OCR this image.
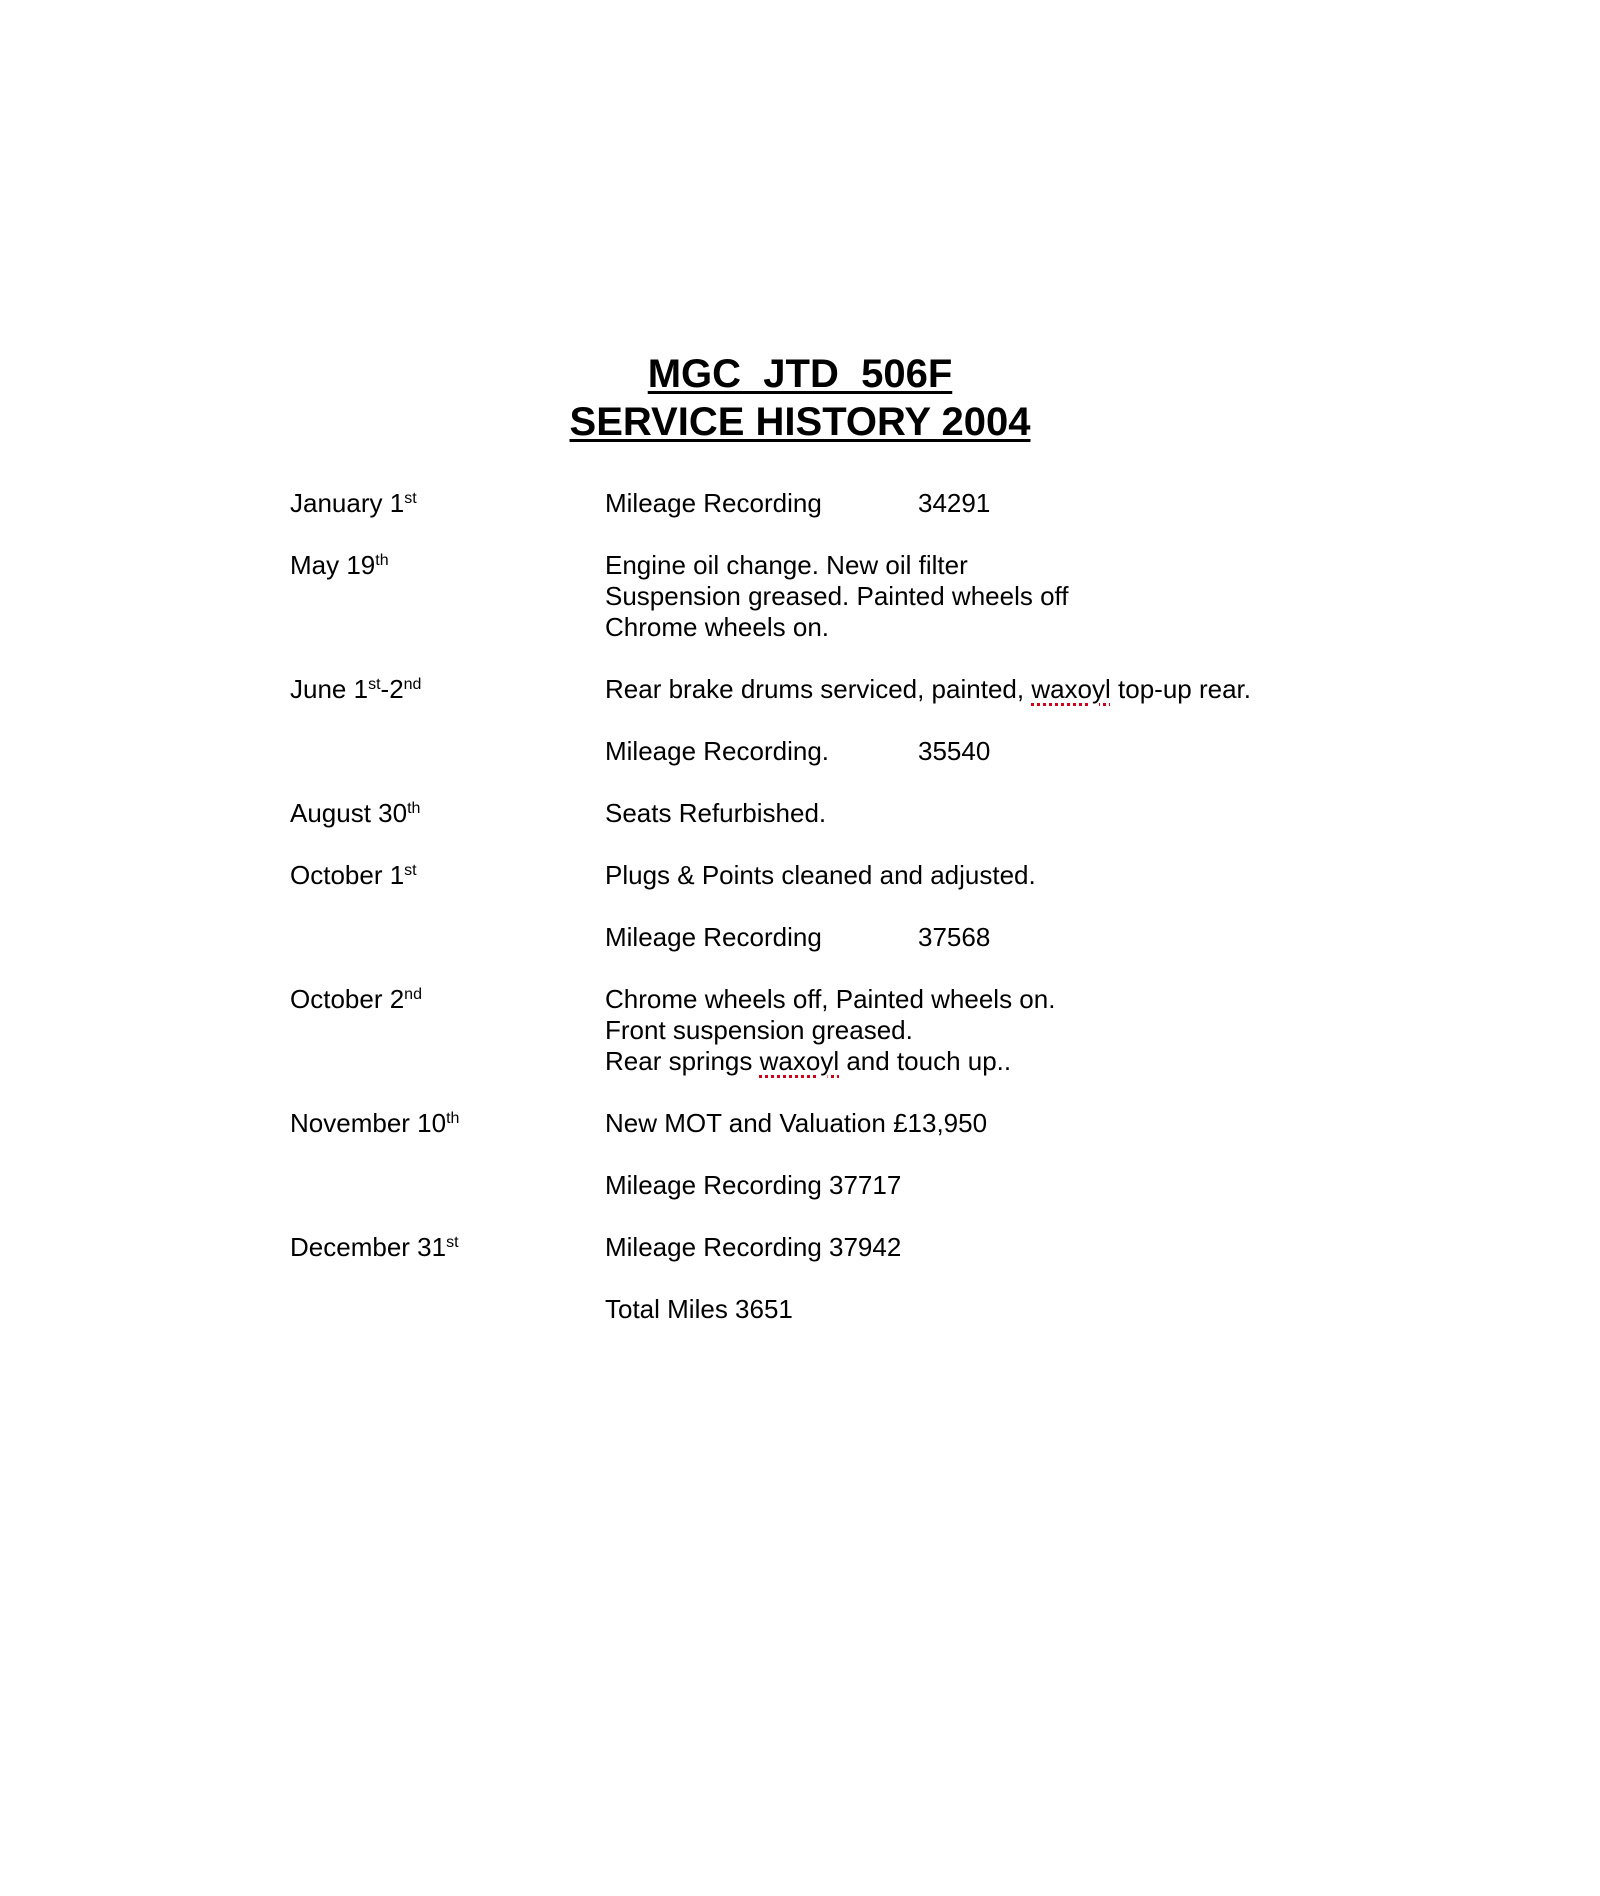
MGC  JTD  506F
SERVICE HISTORY 2004
January 1st	Mileage Recording	34291
May 19th	Engine oil change. New oil filter
Suspension greased. Painted wheels off
Chrome wheels on.
June 1st-2nd	Rear brake drums serviced, painted, waxoyl top-up rear.
Mileage Recording.	35540
August 30th	Seats Refurbished.
October 1st	Plugs & Points cleaned and adjusted.
Mileage Recording	37568
October 2nd	Chrome wheels off, Painted wheels on.
Front suspension greased.
Rear springs waxoyl and touch up..
November 10th	New MOT and Valuation £13,950
Mileage Recording 37717
December 31st	Mileage Recording 37942
Total Miles 3651
